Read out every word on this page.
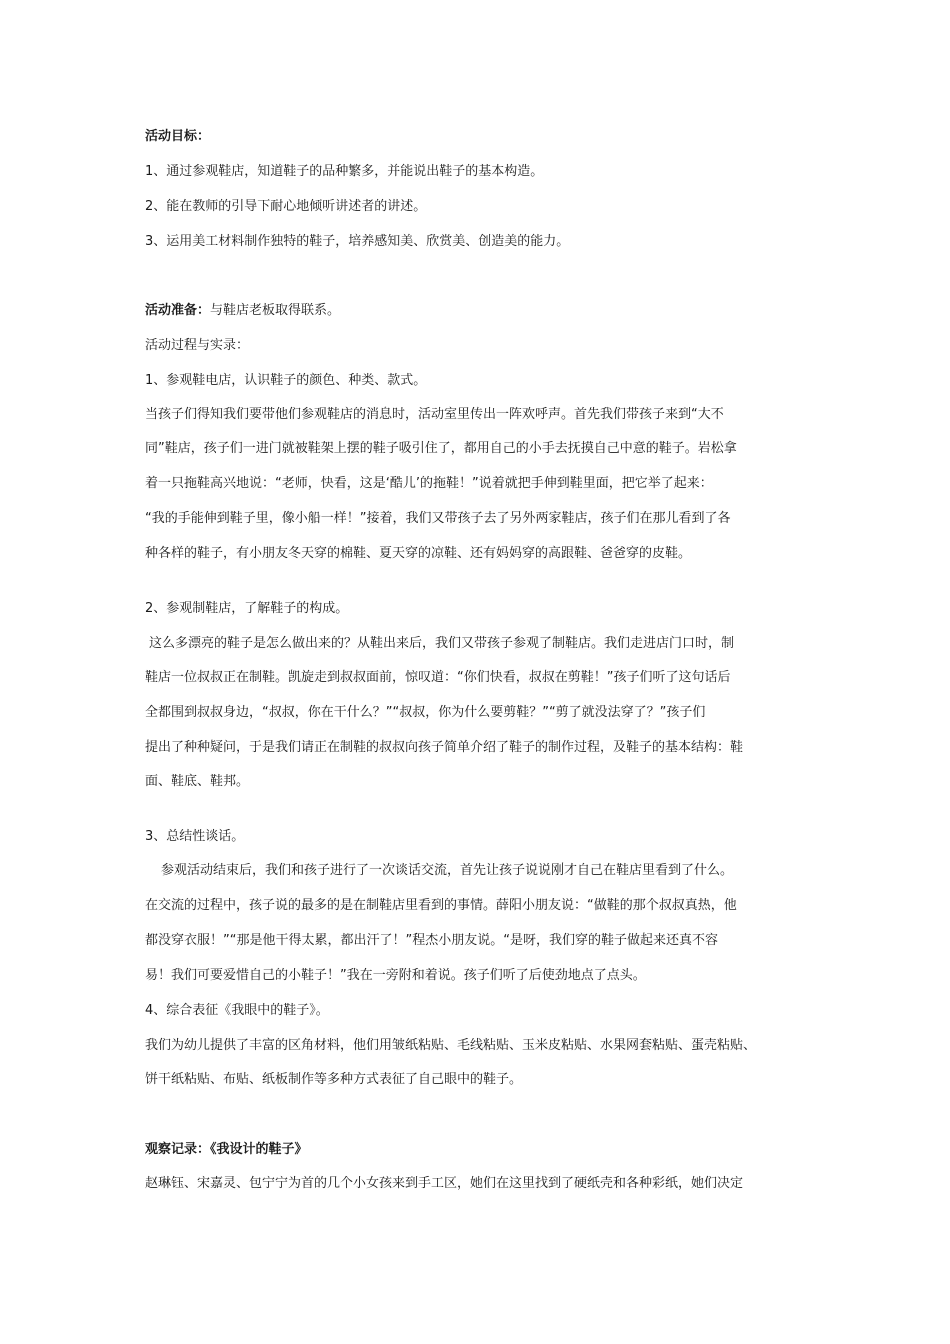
活动目标：
1、通过参观鞋店，知道鞋子的品种繁多，并能说出鞋子的基本构造。
2、能在教师的引导下耐心地倾听讲述者的讲述。
3、运用美工材料制作独特的鞋子，培养感知美、欣赏美、创造美的能力。
活动准备：与鞋店老板取得联系。
活动过程与实录：
1、参观鞋电店，认识鞋子的颜色、种类、款式。
当孩子们得知我们要带他们参观鞋店的消息时，活动室里传出一阵欢呼声。首先我们带孩子来到“大不
同”鞋店，孩子们一进门就被鞋架上摆的鞋子吸引住了，都用自己的小手去抚摸自己中意的鞋子。岩松拿
着一只拖鞋高兴地说：“老师，快看，这是‘酷儿’的拖鞋！”说着就把手伸到鞋里面，把它举了起来：
“我的手能伸到鞋子里，像小船一样！”接着，我们又带孩子去了另外两家鞋店，孩子们在那儿看到了各
种各样的鞋子，有小朋友冬天穿的棉鞋、夏天穿的凉鞋、还有妈妈穿的高跟鞋、爸爸穿的皮鞋。
2、参观制鞋店，了解鞋子的构成。
这么多漂亮的鞋子是怎么做出来的？从鞋出来后，我们又带孩子参观了制鞋店。我们走进店门口时，制
鞋店一位叔叔正在制鞋。凯旋走到叔叔面前，惊叹道：“你们快看，叔叔在剪鞋！”孩子们听了这句话后
全都围到叔叔身边，“叔叔，你在干什么？”“叔叔，你为什么要剪鞋？”“剪了就没法穿了？”孩子们
提出了种种疑问，于是我们请正在制鞋的叔叔向孩子简单介绍了鞋子的制作过程，及鞋子的基本结构：鞋
面、鞋底、鞋邦。
3、总结性谈话。
参观活动结束后，我们和孩子进行了一次谈话交流，首先让孩子说说刚才自己在鞋店里看到了什么。
在交流的过程中，孩子说的最多的是在制鞋店里看到的事情。薛阳小朋友说：“做鞋的那个叔叔真热，他
都没穿衣服！”“那是他干得太累，都出汗了！”程杰小朋友说。“是呀，我们穿的鞋子做起来还真不容
易！我们可要爱惜自己的小鞋子！”我在一旁附和着说。孩子们听了后使劲地点了点头。
4、综合表征《我眼中的鞋子》。
我们为幼儿提供了丰富的区角材料，他们用皱纸粘贴、毛线粘贴、玉米皮粘贴、水果网套粘贴、蛋壳粘贴、
饼干纸粘贴、布贴、纸板制作等多种方式表征了自己眼中的鞋子。
观察记录：《我设计的鞋子》
赵琳钰、宋嘉灵、包宁宁为首的几个小女孩来到手工区，她们在这里找到了硬纸壳和各种彩纸，她们决定
